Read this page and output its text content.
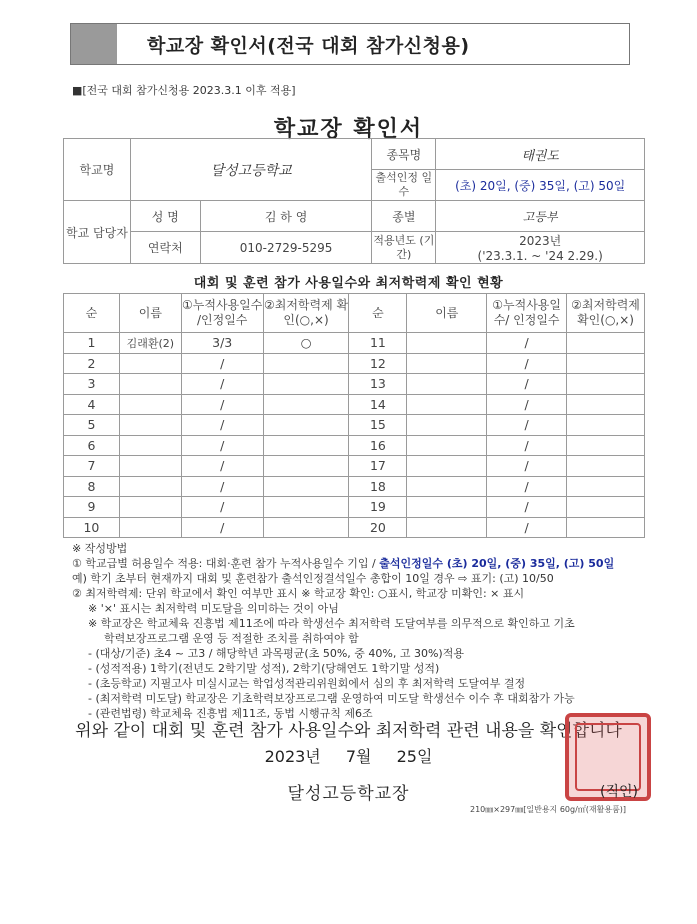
학교장 확인서(전국 대회 참가신청용)
■[전국 대회 참가신청용 2023.3.1 이후 적용]
학교장 확인서
학교명	달성고등학교		종목명	태권도
			출석인정 일수	(초) 20일, (중) 35일, (고) 50일
학교 담당자	성 명	김 하 영	종별	고등부
	연락처	010-2729-5295	적용년도 (기간)	2023년
('23.3.1. ~ '24 2.29.)
대회 및 훈련 참가 사용일수와 최저학력제 확인 현황
순	이름	①누적사용일수 /인정일수	②최저학력제 확인(○,×)	순	이름	①누적사용일수/ 인정일수	②최저학력제 확인(○,×)
1	김래환(2)	3/3	○	11		/	
2		/		12		/	
3		/		13		/	
4		/		14		/	
5		/		15		/	
6		/		16		/	
7		/		17		/	
8		/		18		/	
9		/		19		/	
10		/		20		/	
※ 작성방법
① 학교급별 허용일수 적용: 대회·훈련 참가 누적사용일수 기입 / 출석인정일수 (초) 20일, (중) 35일, (고) 50일
예) 학기 초부터 현재까지 대회 및 훈련참가 출석인정결석일수 총합이 10일 경우 ⇨ 표기: (고) 10/50
② 최저학력제: 단위 학교에서 확인 여부만 표시 ※ 학교장 확인: ○표시, 학교장 미확인: × 표시
※ '×' 표시는 최저학력 미도달을 의미하는 것이 아님
※ 학교장은 학교체육 진흥법 제11조에 따라 학생선수 최저학력 도달여부를 의무적으로 확인하고 기초
학력보장프로그램 운영 등 적절한 조치를 취하여야 함
- (대상/기준) 초4 ~ 고3 / 해당학년 과목평균(초 50%, 중 40%, 고 30%)적용
- (성적적용) 1학기(전년도 2학기말 성적), 2학기(당해연도 1학기말 성적)
- (초등학교) 지필고사 미실시교는 학업성적관리위원회에서 심의 후 최저학력 도달여부 결정
- (최저학력 미도달) 학교장은 기초학력보장프로그램 운영하여 미도달 학생선수 이수 후 대회참가 가능
- (관련법령) 학교체육 진흥법 제11조, 동법 시행규칙 제6조
위와 같이 대회 및 훈련 참가 사용일수와 최저학력 관련 내용을 확인합니다
2023년 7월 25일
달성고등학교장	(직인)
210㎜×297㎜[일반용지 60g/㎡(재활용품)]
